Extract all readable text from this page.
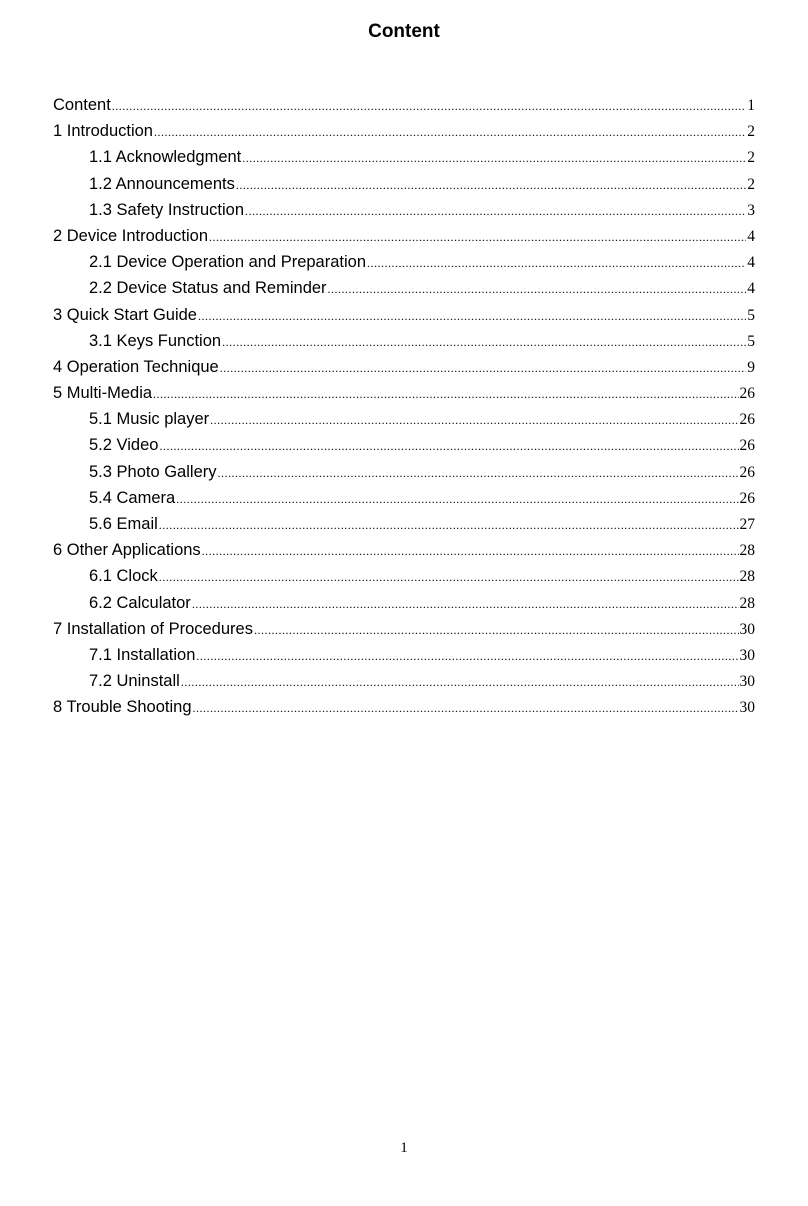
Content
Content .....	1
1 Introduction .....	2
1.1 Acknowledgment .....	2
1.2 Announcements .....	2
1.3 Safety Instruction .....	3
2 Device Introduction .....	4
2.1 Device Operation and Preparation .....	4
2.2 Device Status and Reminder .....	4
3 Quick Start Guide .....	5
3.1 Keys Function .....	5
4 Operation Technique .....	9
5 Multi-Media .....	26
5.1 Music player .....	26
5.2 Video .....	26
5.3 Photo Gallery .....	26
5.4 Camera .....	26
5.6 Email .....	27
6 Other Applications .....	28
6.1 Clock .....	28
6.2 Calculator .....	28
7 Installation of Procedures .....	30
7.1 Installation .....	30
7.2 Uninstall .....	30
8 Trouble Shooting .....	30
1
